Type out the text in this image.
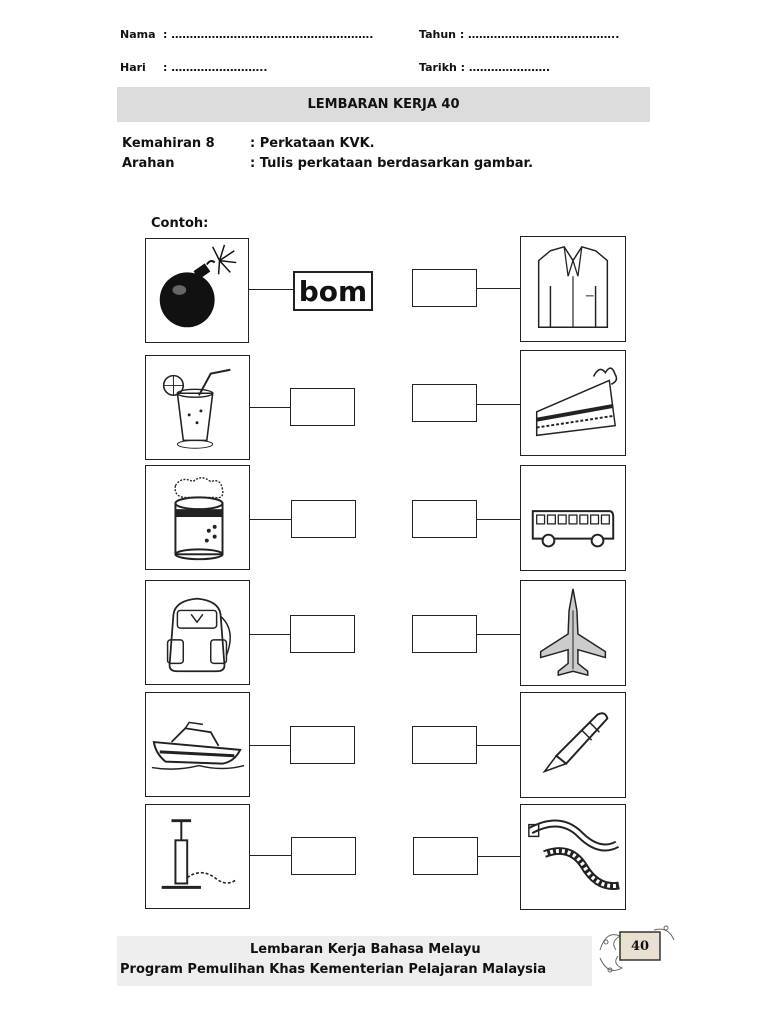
Nama : ……………………………………………….	Tahun : …………………………………..
Hari : ……………………..	Tarikh : ………………….
LEMBARAN KERJA 40
Kemahiran 8	: Perkataan KVK.
Arahan	: Tulis perkataan berdasarkan gambar.
Contoh:
bom
Lembaran Kerja Bahasa Melayu
Program Pemulihan Khas Kementerian Pelajaran Malaysia
40
